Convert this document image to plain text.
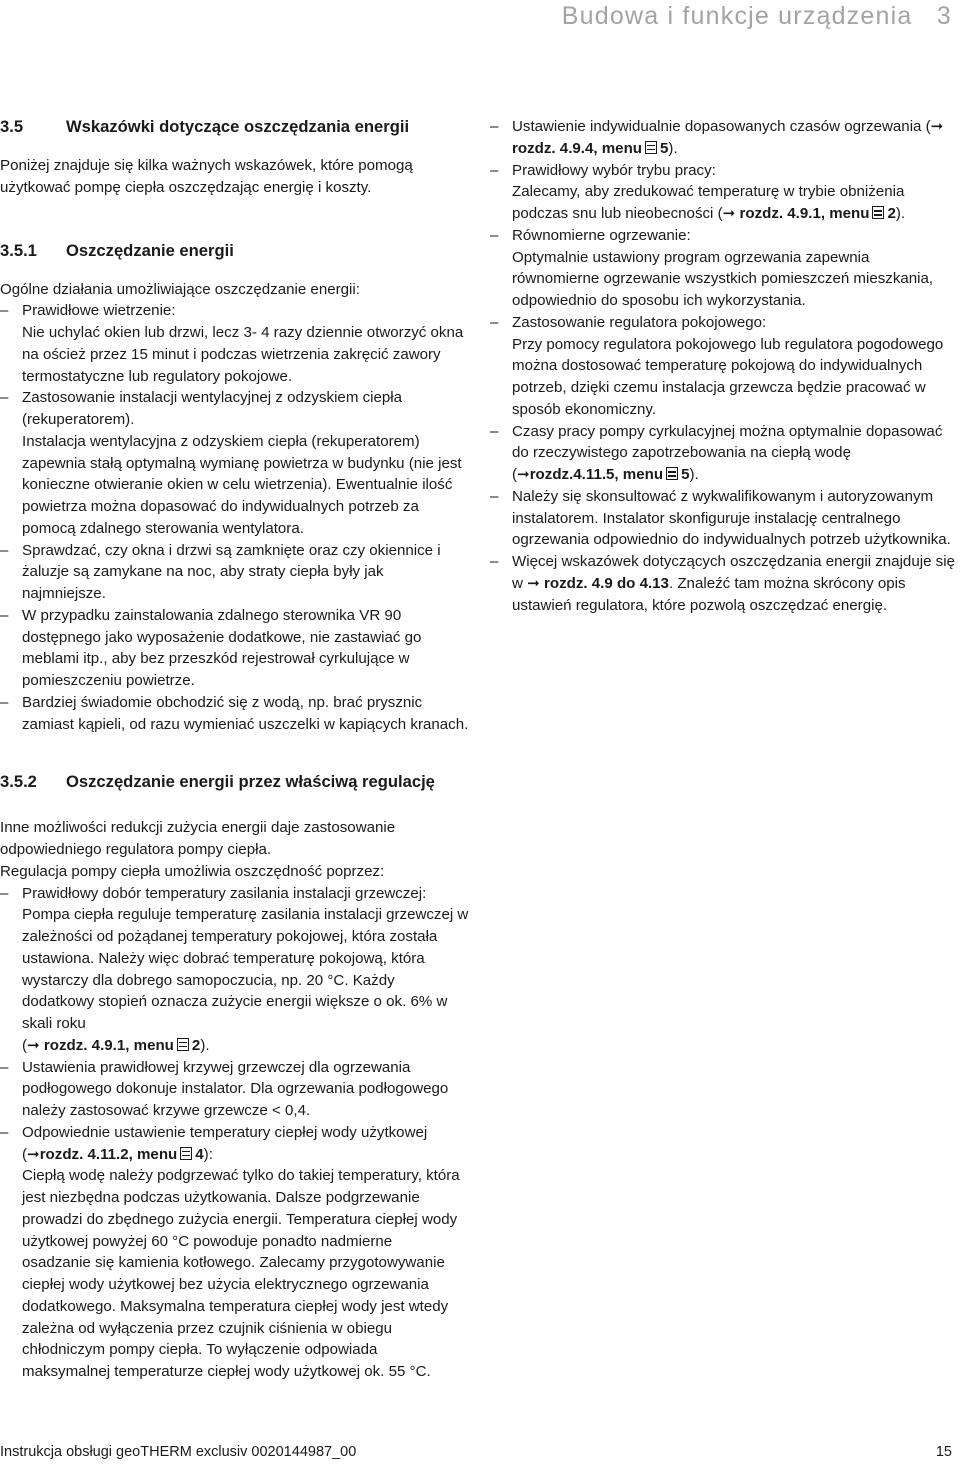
Budowa i funkcje urządzenia 3
3.5	Wskazówki dotyczące oszczędzania energii

Poniżej znajduje się kilka ważnych wskazówek, które pomogą użytkować pompę ciepła oszczędzając energię i koszty.

3.5.1	Oszczędzanie energii

Ogólne działania umożliwiające oszczędzanie energii:

– Prawidłowe wietrzenie:
Nie uchylać okien lub drzwi, lecz 3- 4 razy dziennie otworzyć okna na oścież przez 15 minut i podczas wietrzenia zakręcić zawory termostatyczne lub regulatory pokojowe.
– Zastosowanie instalacji wentylacyjnej z odzyskiem ciepła (rekuperatorem).
Instalacja wentylacyjna z odzyskiem ciepła (rekuperatorem) zapewnia stałą optymalną wymianę powietrza w budynku (nie jest konieczne otwieranie okien w celu wietrzenia). Ewentualnie ilość powietrza można dopasować do indywidualnych potrzeb za pomocą zdalnego sterowania wentylatora.
– Sprawdzać, czy okna i drzwi są zamknięte oraz czy okiennice i żaluzje są zamykane na noc, aby straty ciepła były jak najmniejsze.
– W przypadku zainstalowania zdalnego sterownika VR 90 dostępnego jako wyposażenie dodatkowe, nie zastawiać go meblami itp., aby bez przeszkód rejestrował cyrkulujące w pomieszczeniu powietrze.
– Bardziej świadomie obchodzić się z wodą, np. brać prysznic zamiast kąpieli, od razu wymieniać uszczelki w kapiących kranach.
3.5.2	Oszczędzanie energii przez właściwą regulację

Inne możliwości redukcji zużycia energii daje zastosowanie odpowiedniego regulatora pompy ciepła.

Regulacja pompy ciepła umożliwia oszczędność poprzez:

– Prawidłowy dobór temperatury zasilania instalacji grzewczej:
Pompa ciepła reguluje temperaturę zasilania instalacji grzewczej w zależności od pożądanej temperatury pokojowej, która została ustawiona. Należy więc dobrać temperaturę pokojową, która wystarczy dla dobrego samopoczucia, np. 20 °C. Każdy dodatkowy stopień oznacza zużycie energii większe o ok. 6% w skali roku
(➞ rozdz. 4.9.1, menu 2).
– Ustawienia prawidłowej krzywej grzewczej dla ogrzewania podłogowego dokonuje instalator. Dla ogrzewania podłogowego należy zastosować krzywe grzewcze < 0,4.
– Odpowiednie ustawienie temperatury ciepłej wody użytkowej (➞rozdz. 4.11.2, menu 4):
Ciepłą wodę należy podgrzewać tylko do takiej temperatury, która jest niezbędna podczas użytkowania. Dalsze podgrzewanie prowadzi do zbędnego zużycia energii. Temperatura ciepłej wody użytkowej powyżej 60 °C powoduje ponadto nadmierne osadzanie się kamienia kotłowego. Zalecamy przygotowywanie ciepłej wody użytkowej bez użycia elektrycznego ogrzewania dodatkowego. Maksymalna temperatura ciepłej wody jest wtedy zależna od wyłączenia przez czujnik ciśnienia w obiegu chłodniczym pompy ciepła. To wyłączenie odpowiada maksymalnej temperaturze ciepłej wody użytkowej ok. 55 °C.
– Ustawienie indywidualnie dopasowanych czasów ogrzewania (➞ rozdz. 4.9.4, menu 5).
– Prawidłowy wybór trybu pracy:
Zalecamy, aby zredukować temperaturę w trybie obniżenia podczas snu lub nieobecności (➞ rozdz. 4.9.1, menu 2).
– Równomierne ogrzewanie:
Optymalnie ustawiony program ogrzewania zapewnia równomierne ogrzewanie wszystkich pomieszczeń mieszkania, odpowiednio do sposobu ich wykorzystania.
– Zastosowanie regulatora pokojowego:
Przy pomocy regulatora pokojowego lub regulatora pogodowego można dostosować temperaturę pokojową do indywidualnych potrzeb, dzięki czemu instalacja grzewcza będzie pracować w sposób ekonomiczny.
– Czasy pracy pompy cyrkulacyjnej można optymalnie dopasować do rzeczywistego zapotrzebowania na ciepłą wodę (➞rozdz.4.11.5, menu 5).
– Należy się skonsultować z wykwalifikowanym i autoryzowanym instalatorem. Instalator skonfiguruje instalację centralnego ogrzewania odpowiednio do indywidualnych potrzeb użytkownika.
– Więcej wskazówek dotyczących oszczędzania energii znajduje się w ➞ rozdz. 4.9 do 4.13. Znaleźć tam można skrócony opis ustawień regulatora, które pozwolą oszczędzać energię.
Instrukcja obsługi geoTHERM exclusiv 0020144987_00	15
